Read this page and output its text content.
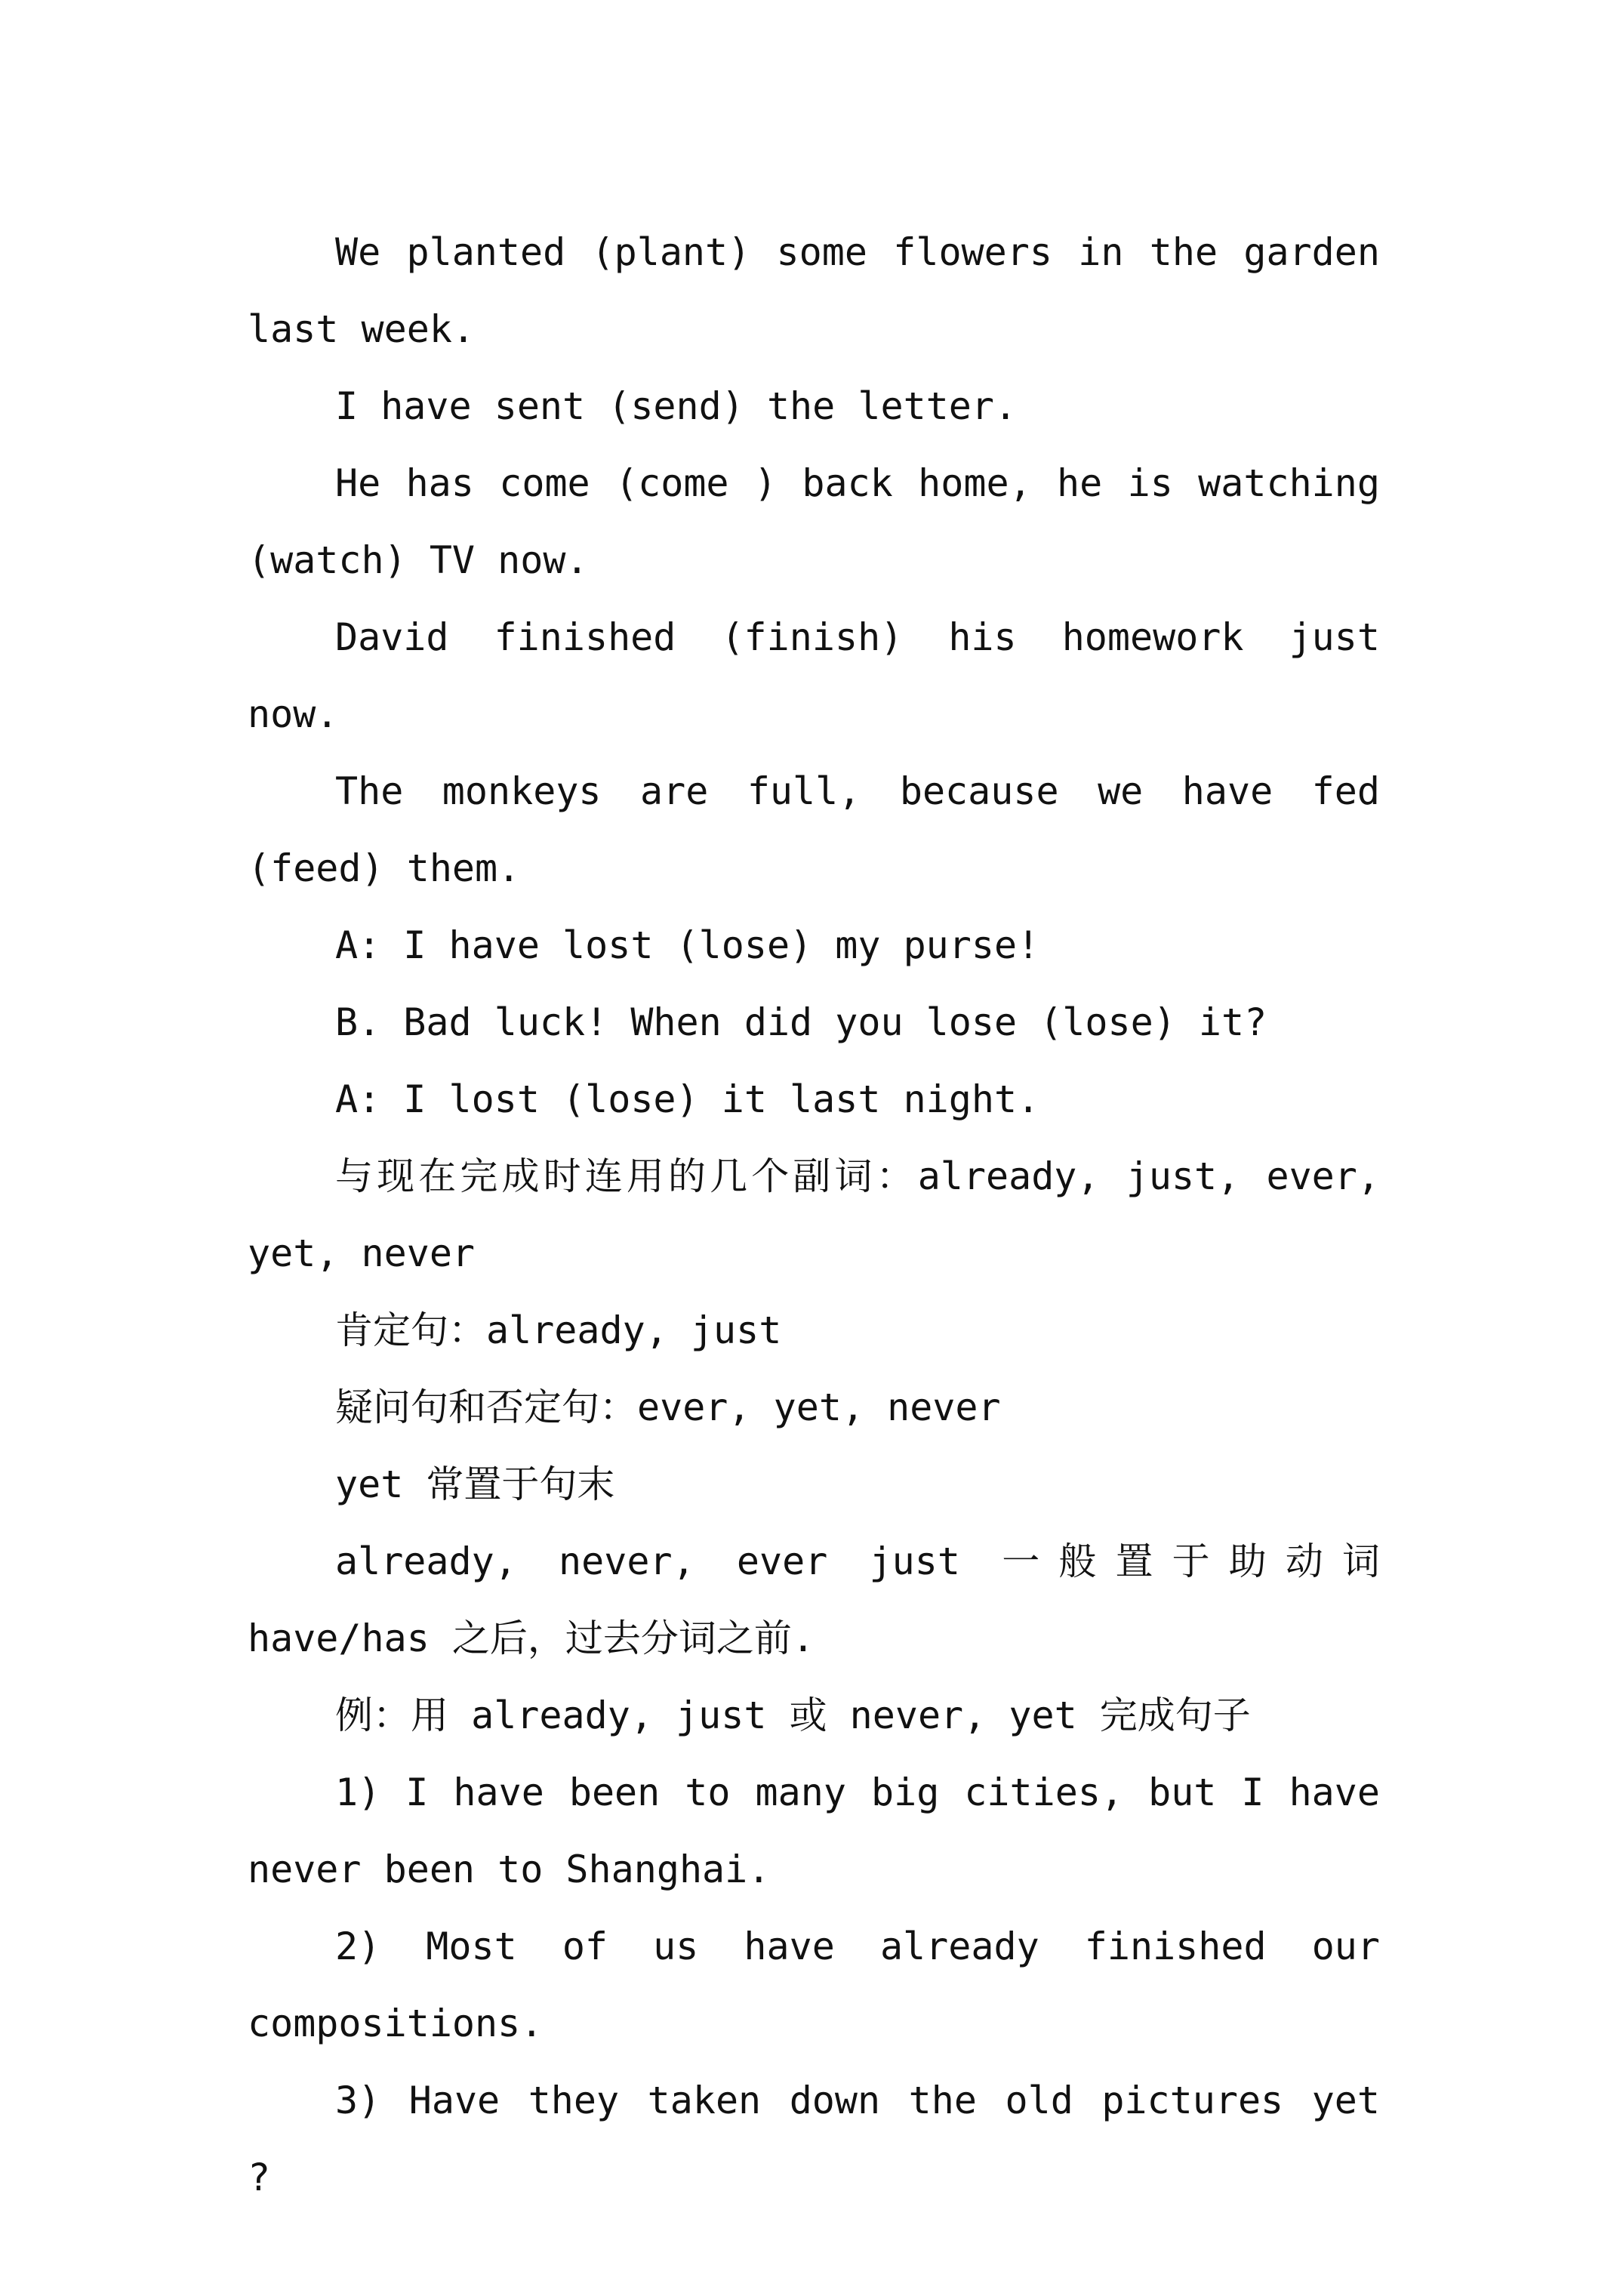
We planted (plant) some flowers in the garden last week.

I have sent (send) the letter.

He has come (come ) back home, he is watching (watch) TV now.

David finished (finish) his homework just now.

The monkeys are full, because we have fed (feed) them.

A: I have lost (lose) my purse!

B. Bad luck! When did you lose (lose) it?

A: I lost (lose) it last night.

与现在完成时连用的几个副词：already, just, ever, yet, never

肯定句：already, just

疑问句和否定句：ever, yet, never

yet 常置于句末

already, never, ever just 一般置于助动词 have/has 之后，过去分词之前.

例：用 already, just 或 never, yet 完成句子

1) I have been to many big cities, but I have never been to Shanghai.

2) Most of us have already finished our compositions.

3) Have they taken down the old pictures yet ?
